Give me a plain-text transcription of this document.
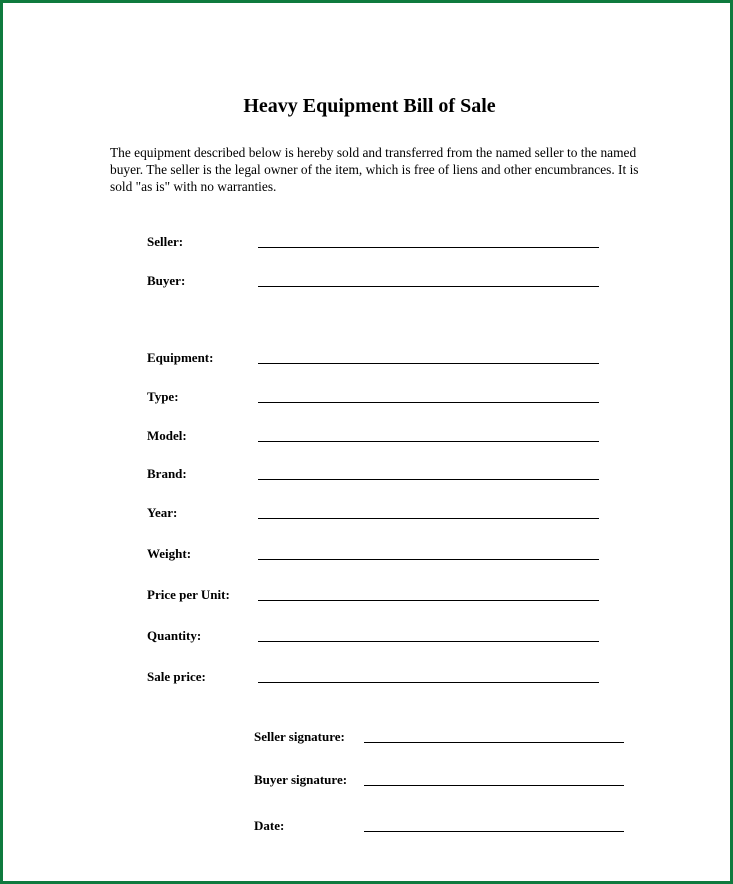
Heavy Equipment Bill of Sale
The equipment described below is hereby sold and transferred from the named seller to the named buyer. The seller is the legal owner of the item, which is free of liens and other encumbrances. It is sold "as is" with no warranties.
Seller:
Buyer:
Equipment:
Type:
Model:
Brand:
Year:
Weight:
Price per Unit:
Quantity:
Sale price:
Seller signature:
Buyer signature:
Date:
